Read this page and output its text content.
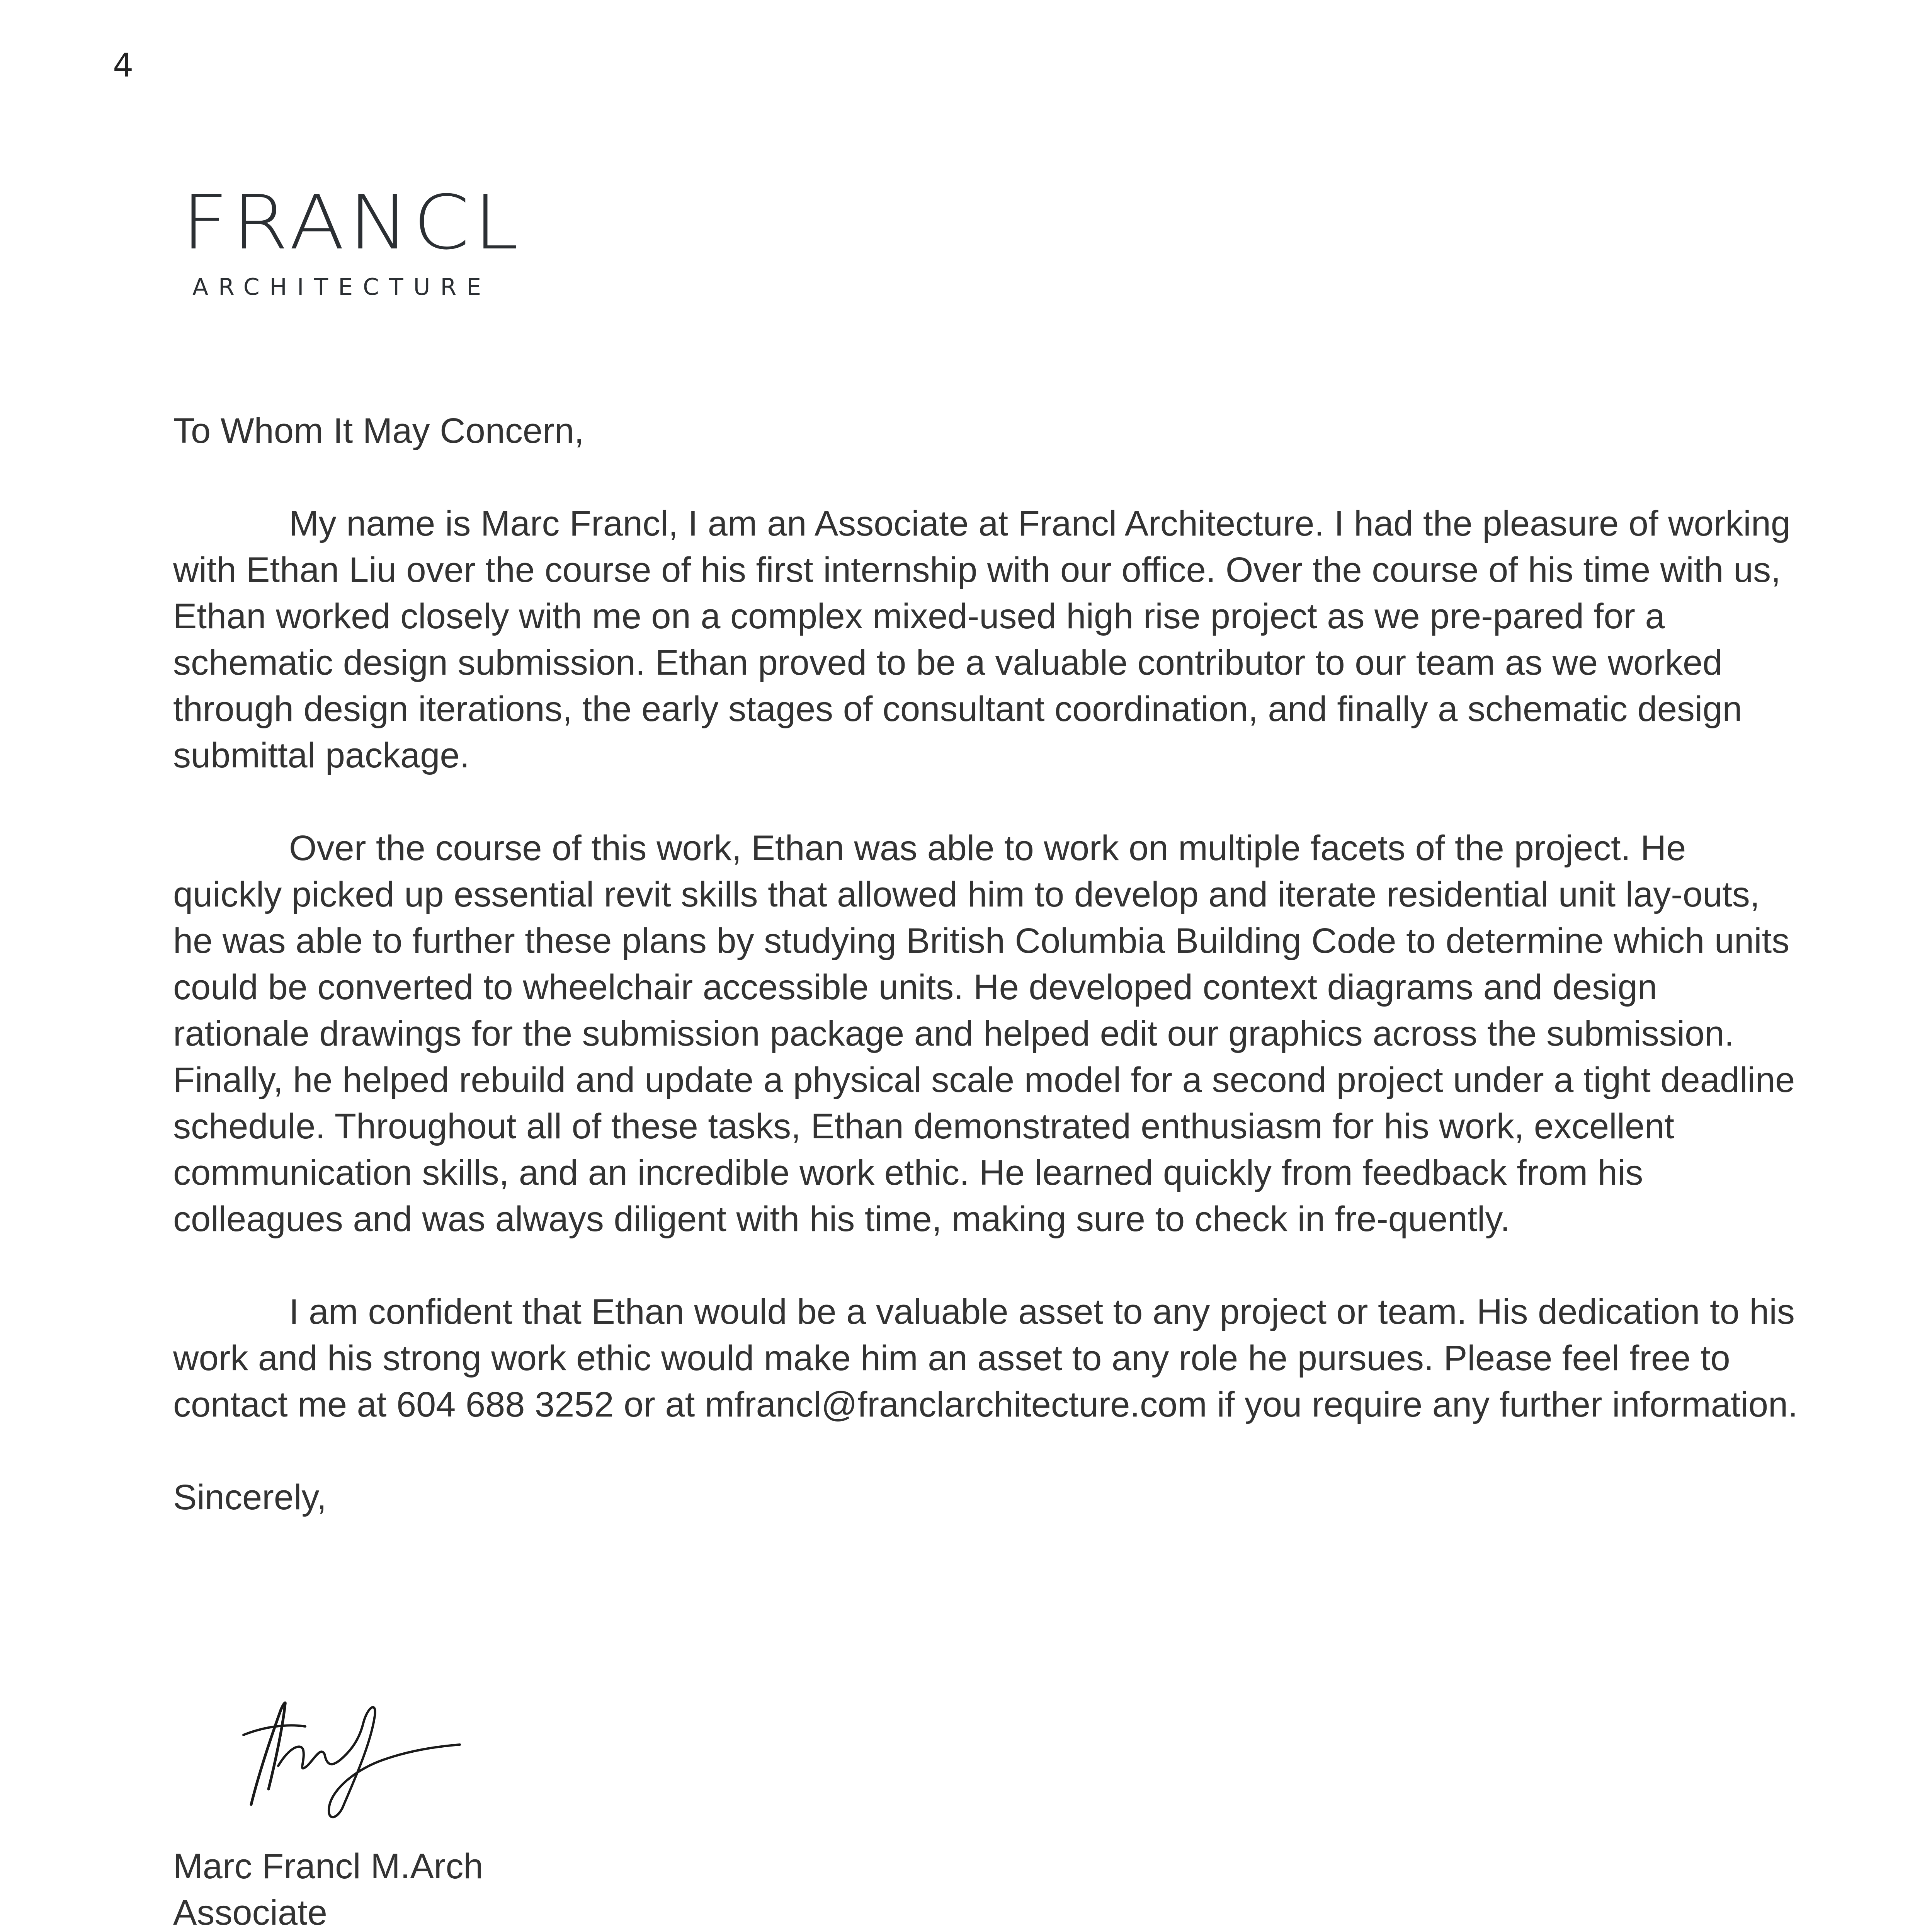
4
FRANCL
ARCHITECTURE

To Whom It May Concern,

My name is Marc Francl, I am an Associate at Francl Architecture. I had the pleasure of working with Ethan Liu over the course of his first internship with our office. Over the course of his time with us, Ethan worked closely with me on a complex mixed-used high rise project as we pre-pared for a schematic design submission. Ethan proved to be a valuable contributor to our team as we worked through design iterations, the early stages of consultant coordination, and finally a schematic design submittal package.

Over the course of this work, Ethan was able to work on multiple facets of the project. He quickly picked up essential revit skills that allowed him to develop and iterate residential unit lay-outs, he was able to further these plans by studying British Columbia Building Code to determine which units could be converted to wheelchair accessible units. He developed context diagrams and design rationale drawings for the submission package and helped edit our graphics across the submission. Finally, he helped rebuild and update a physical scale model for a second project under a tight deadline schedule. Throughout all of these tasks, Ethan demonstrated enthusiasm for his work, excellent communication skills, and an incredible work ethic. He learned quickly from feedback from his colleagues and was always diligent with his time, making sure to check in fre-quently.

I am confident that Ethan would be a valuable asset to any project or team. His dedication to his work and his strong work ethic would make him an asset to any role he pursues. Please feel free to contact me at 604 688 3252 or at mfrancl@franclarchitecture.com if you require any further information.

Sincerely,

Marc Francl M.Arch
Associate
